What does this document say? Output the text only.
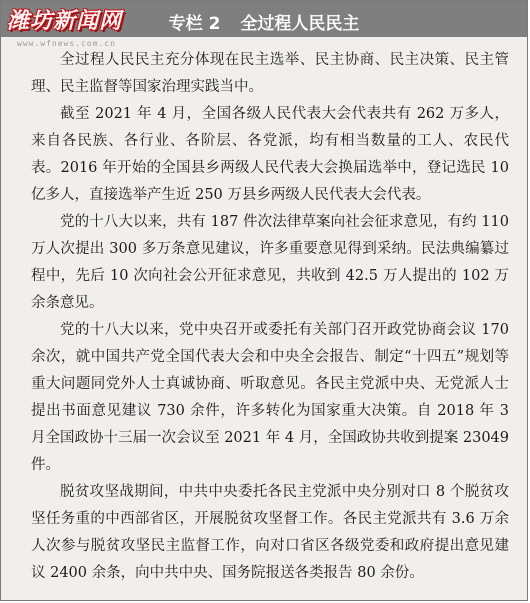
潍坊新闻网	专栏 2 全过程人民民主
www.wfnews.com.cn

全过程人民民主充分体现在民主选举、民主协商、民主决策、民主管理、民主监督等国家治理实践当中。

截至 2021 年 4 月，全国各级人民代表大会代表共有 262 万多人，来自各民族、各行业、各阶层、各党派，均有相当数量的工人、农民代表。2016 年开始的全国县乡两级人民代表大会换届选举中，登记选民 10 亿多人，直接选举产生近 250 万县乡两级人民代表大会代表。

党的十八大以来，共有 187 件次法律草案向社会征求意见，有约 110 万人次提出 300 多万条意见建议，许多重要意见得到采纳。民法典编纂过程中，先后 10 次向社会公开征求意见，共收到 42.5 万人提出的 102 万余条意见。

党的十八大以来，党中央召开或委托有关部门召开政党协商会议 170 余次，就中国共产党全国代表大会和中央全会报告、制定“十四五”规划等重大问题同党外人士真诚协商、听取意见。各民主党派中央、无党派人士提出书面意见建议 730 余件，许多转化为国家重大决策。自 2018 年 3 月全国政协十三届一次会议至 2021 年 4 月，全国政协共收到提案 23049 件。

脱贫攻坚战期间，中共中央委托各民主党派中央分别对口 8 个脱贫攻坚任务重的中西部省区，开展脱贫攻坚督工作。各民主党派共有 3.6 万余人次参与脱贫攻坚民主监督工作，向对口省区各级党委和政府提出意见建议 2400 余条，向中共中央、国务院报送各类报告 80 余份。
